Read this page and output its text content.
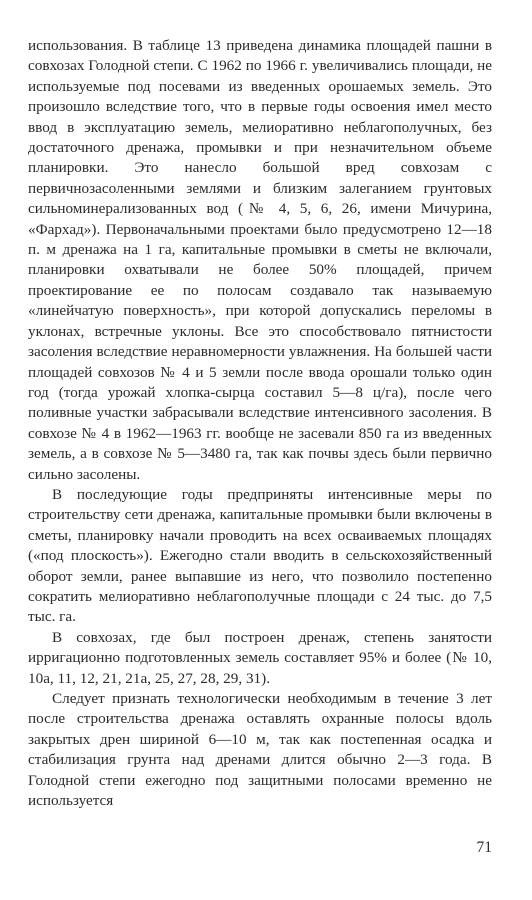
использования. В таблице 13 приведена динамика площадей пашни в совхозах Голодной степи. С 1962 по 1966 г. увеличивались площади, не используемые под посевами из введенных орошаемых земель. Это произошло вследствие того, что в первые годы освоения имел место ввод в эксплуатацию земель, мелиоративно неблагополучных, без достаточного дренажа, промывки и при незначительном объеме планировки. Это нанесло большой вред совхозам с первичнозасоленными землями и близким залеганием грунтовых сильноминерализованных вод (№ 4, 5, 6, 26, имени Мичурина, «Фархад»). Первоначальными проектами было предусмотрено 12—18 п. м дренажа на 1 га, капитальные промывки в сметы не включали, планировки охватывали не более 50% площадей, причем проектирование ее по полосам создавало так называемую «линейчатую поверхность», при которой допускались переломы в уклонах, встречные уклоны. Все это способствовало пятнистости засоления вследствие неравномерности увлажнения. На большей части площадей совхозов № 4 и 5 земли после ввода орошали только один год (тогда урожай хлопка-сырца составил 5—8 ц/га), после чего поливные участки забрасывали вследствие интенсивного засоления. В совхозе № 4 в 1962—1963 гг. вообще не засевали 850 га из введенных земель, а в совхозе № 5—3480 га, так как почвы здесь были первично сильно засолены.

В последующие годы предприняты интенсивные меры по строительству сети дренажа, капитальные промывки были включены в сметы, планировку начали проводить на всех осваиваемых площадях («под плоскость»). Ежегодно стали вводить в сельскохозяйственный оборот земли, ранее выпавшие из него, что позволило постепенно сократить мелиоративно неблагополучные площади с 24 тыс. до 7,5 тыс. га.

В совхозах, где был построен дренаж, степень занятости ирригационно подготовленных земель составляет 95% и более (№ 10, 10а, 11, 12, 21, 21а, 25, 27, 28, 29, 31).

Следует признать технологически необходимым в течение 3 лет после строительства дренажа оставлять охранные полосы вдоль закрытых дрен шириной 6—10 м, так как постепенная осадка и стабилизация грунта над дренами длится обычно 2—3 года. В Голодной степи ежегодно под защитными полосами временно не используется

71
